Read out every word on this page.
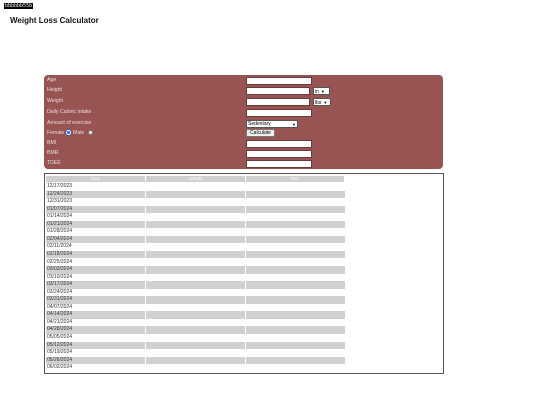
bbbbbb55b
Weight Loss Calculator
Age
Height	in ▼
Weight	lbs ▼
Daily Caloric intake
Amount of exercise	Sedentary	▼
Female Male	Calculate
BMI
BMR
TDEE
Date	Weight	BMI
12/17/2023
12/24/2023
12/31/2023
01/07/2024
01/14/2024
01/21/2024
01/28/2024
02/04/2024
02/11/2024
02/18/2024
02/25/2024
03/03/2024
03/10/2024
03/17/2024
03/24/2024
03/31/2024
04/07/2024
04/14/2024
04/21/2024
04/28/2024
05/05/2024
05/12/2024
05/19/2024
05/26/2024
06/02/2024
